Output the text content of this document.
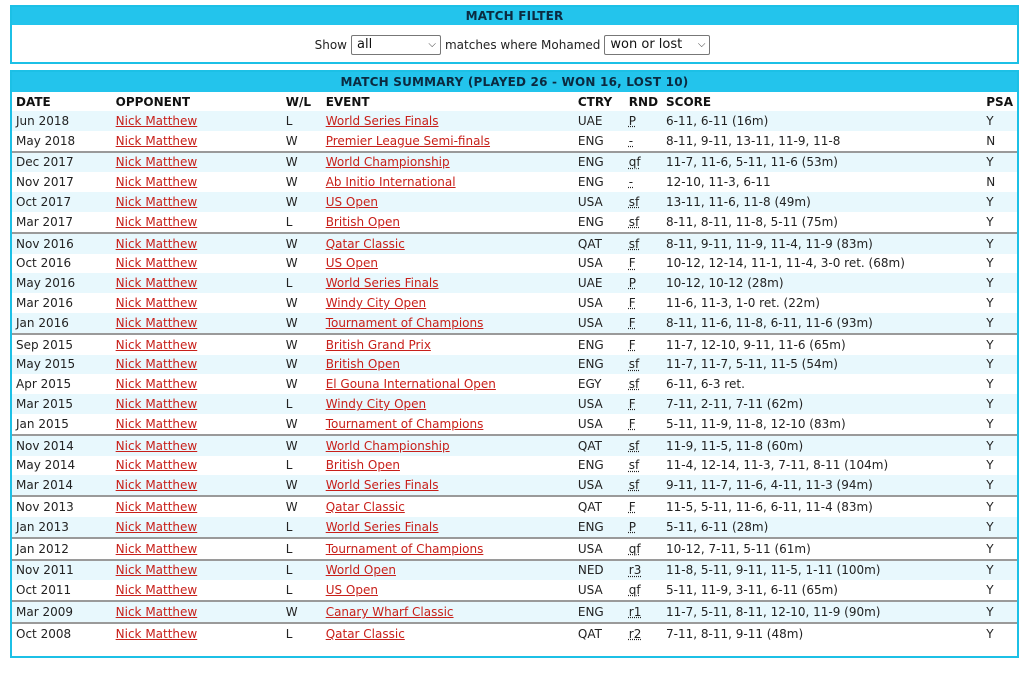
MATCH FILTER
Show all	⌵ matches where Mohamed won or lost ⌵
MATCH SUMMARY (PLAYED 26 - WON 16, LOST 10)
DATE	OPPONENT	W/L	EVENT	CTRY	RND	SCORE	PSA
Jun 2018	Nick Matthew	L	World Series Finals	UAE	P	6-11, 6-11 (16m)	Y
May 2018	Nick Matthew	W	Premier League Semi-finals	ENG	-	8-11, 9-11, 13-11, 11-9, 11-8	N
Dec 2017	Nick Matthew	W	World Championship	ENG	qf	11-7, 11-6, 5-11, 11-6 (53m)	Y
Nov 2017	Nick Matthew	W	Ab Initio International	ENG	-	12-10, 11-3, 6-11	N
Oct 2017	Nick Matthew	W	US Open	USA	sf	13-11, 11-6, 11-8 (49m)	Y
Mar 2017	Nick Matthew	L	British Open	ENG	sf	8-11, 8-11, 11-8, 5-11 (75m)	Y
Nov 2016	Nick Matthew	W	Qatar Classic	QAT	sf	8-11, 9-11, 11-9, 11-4, 11-9 (83m)	Y
Oct 2016	Nick Matthew	W	US Open	USA	F	10-12, 12-14, 11-1, 11-4, 3-0 ret. (68m)	Y
May 2016	Nick Matthew	L	World Series Finals	UAE	P	10-12, 10-12 (28m)	Y
Mar 2016	Nick Matthew	W	Windy City Open	USA	F	11-6, 11-3, 1-0 ret. (22m)	Y
Jan 2016	Nick Matthew	W	Tournament of Champions	USA	F	8-11, 11-6, 11-8, 6-11, 11-6 (93m)	Y
Sep 2015	Nick Matthew	W	British Grand Prix	ENG	F	11-7, 12-10, 9-11, 11-6 (65m)	Y
May 2015	Nick Matthew	W	British Open	ENG	sf	11-7, 11-7, 5-11, 11-5 (54m)	Y
Apr 2015	Nick Matthew	W	El Gouna International Open	EGY	sf	6-11, 6-3 ret.	Y
Mar 2015	Nick Matthew	L	Windy City Open	USA	F	7-11, 2-11, 7-11 (62m)	Y
Jan 2015	Nick Matthew	W	Tournament of Champions	USA	F	5-11, 11-9, 11-8, 12-10 (83m)	Y
Nov 2014	Nick Matthew	W	World Championship	QAT	sf	11-9, 11-5, 11-8 (60m)	Y
May 2014	Nick Matthew	L	British Open	ENG	sf	11-4, 12-14, 11-3, 7-11, 8-11 (104m)	Y
Mar 2014	Nick Matthew	W	World Series Finals	USA	sf	9-11, 11-7, 11-6, 4-11, 11-3 (94m)	Y
Nov 2013	Nick Matthew	W	Qatar Classic	QAT	F	11-5, 5-11, 11-6, 6-11, 11-4 (83m)	Y
Jan 2013	Nick Matthew	L	World Series Finals	ENG	P	5-11, 6-11 (28m)	Y
Jan 2012	Nick Matthew	L	Tournament of Champions	USA	qf	10-12, 7-11, 5-11 (61m)	Y
Nov 2011	Nick Matthew	L	World Open	NED	r3	11-8, 5-11, 9-11, 11-5, 1-11 (100m)	Y
Oct 2011	Nick Matthew	L	US Open	USA	qf	5-11, 11-9, 3-11, 6-11 (65m)	Y
Mar 2009	Nick Matthew	W	Canary Wharf Classic	ENG	r1	11-7, 5-11, 8-11, 12-10, 11-9 (90m)	Y
Oct 2008	Nick Matthew	L	Qatar Classic	QAT	r2	7-11, 8-11, 9-11 (48m)	Y
